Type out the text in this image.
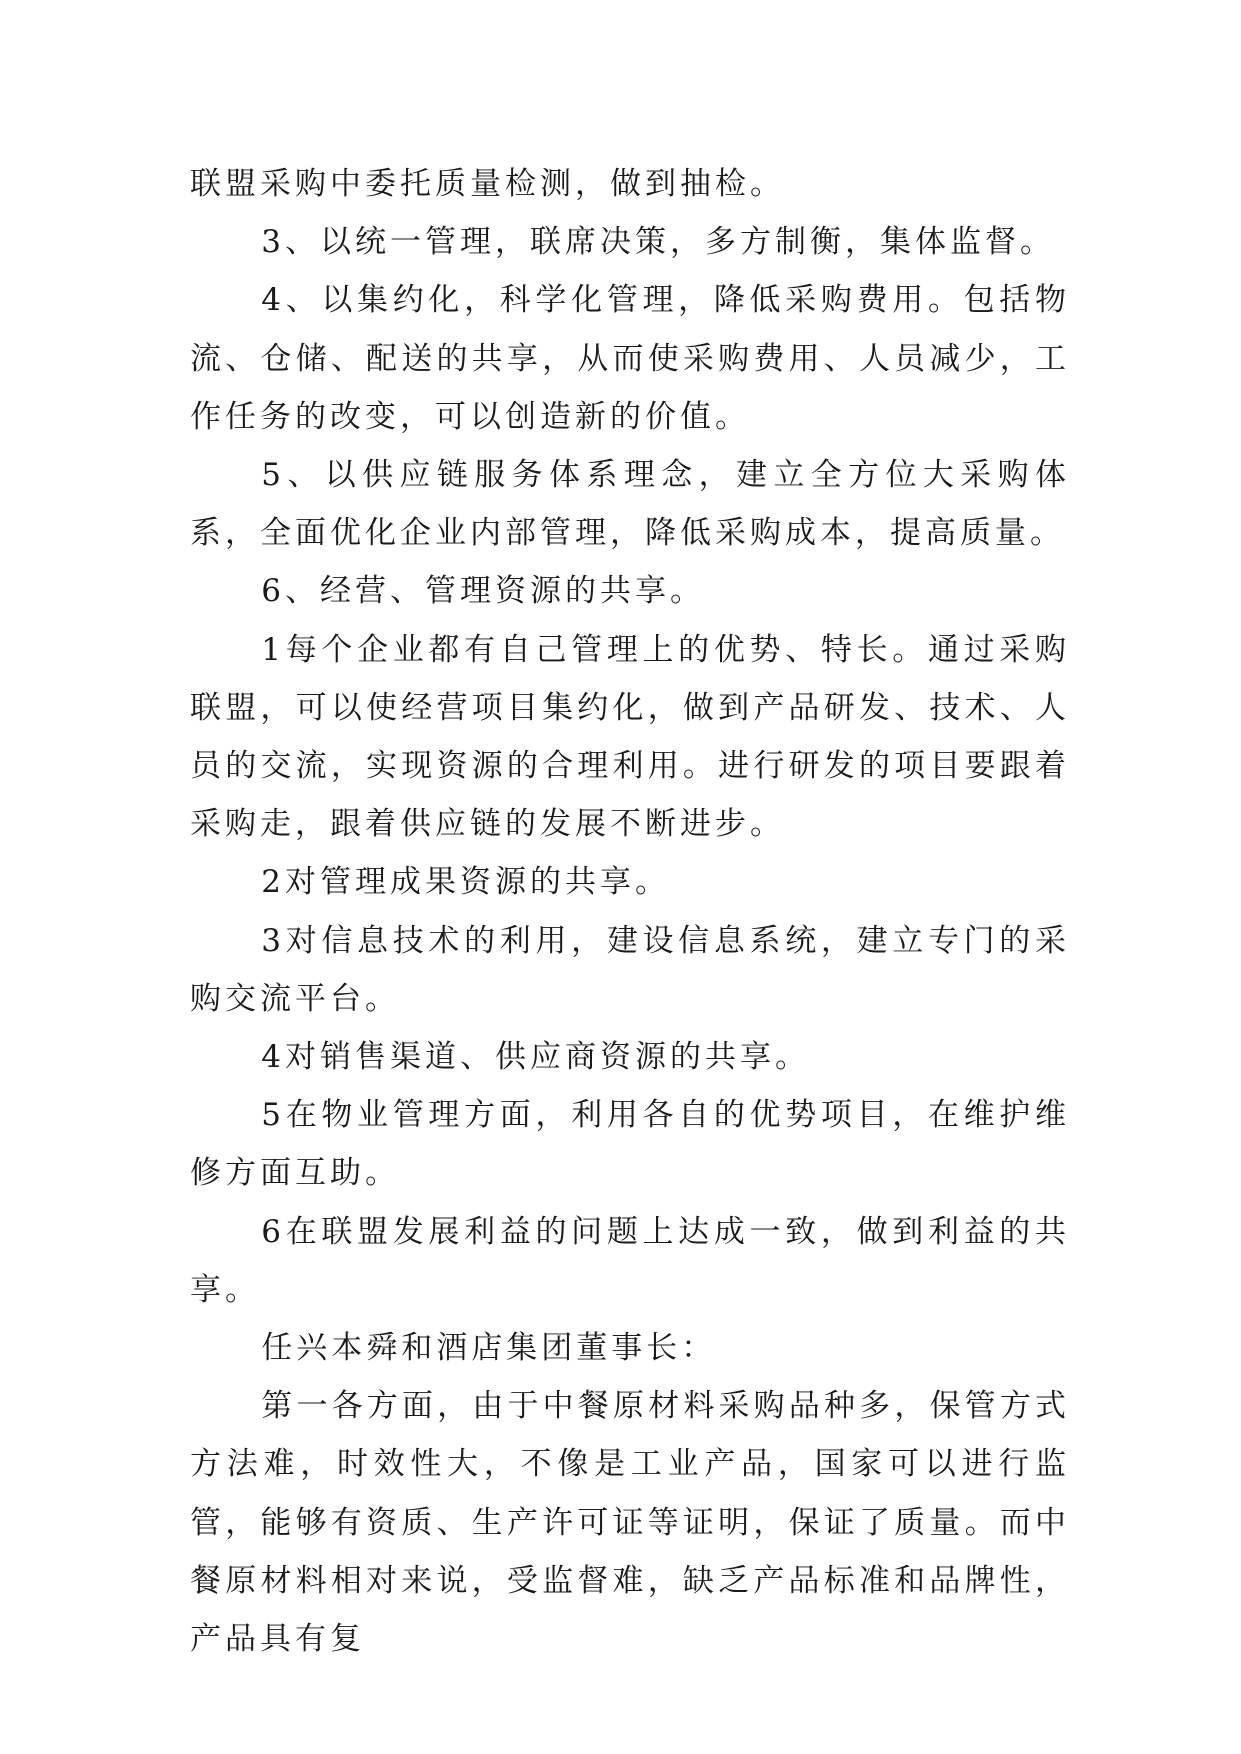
联盟采购中委托质量检测，做到抽检。

3、以统一管理，联席决策，多方制衡，集体监督。

4、以集约化，科学化管理，降低采购费用。包括物流、仓储、配送的共享，从而使采购费用、人员减少，工作任务的改变，可以创造新的价值。

5、以供应链服务体系理念，建立全方位大采购体系，全面优化企业内部管理，降低采购成本，提高质量。

6、经营、管理资源的共享。

1每个企业都有自己管理上的优势、特长。通过采购联盟，可以使经营项目集约化，做到产品研发、技术、人员的交流，实现资源的合理利用。进行研发的项目要跟着采购走，跟着供应链的发展不断进步。

2对管理成果资源的共享。

3对信息技术的利用，建设信息系统，建立专门的采购交流平台。

4对销售渠道、供应商资源的共享。

5在物业管理方面，利用各自的优势项目，在维护维修方面互助。

6在联盟发展利益的问题上达成一致，做到利益的共享。

任兴本舜和酒店集团董事长：

第一各方面，由于中餐原材料采购品种多，保管方式方法难，时效性大，不像是工业产品，国家可以进行监管，能够有资质、生产许可证等证明，保证了质量。而中餐原材料相对来说，受监督难，缺乏产品标准和品牌性，产品具有复
